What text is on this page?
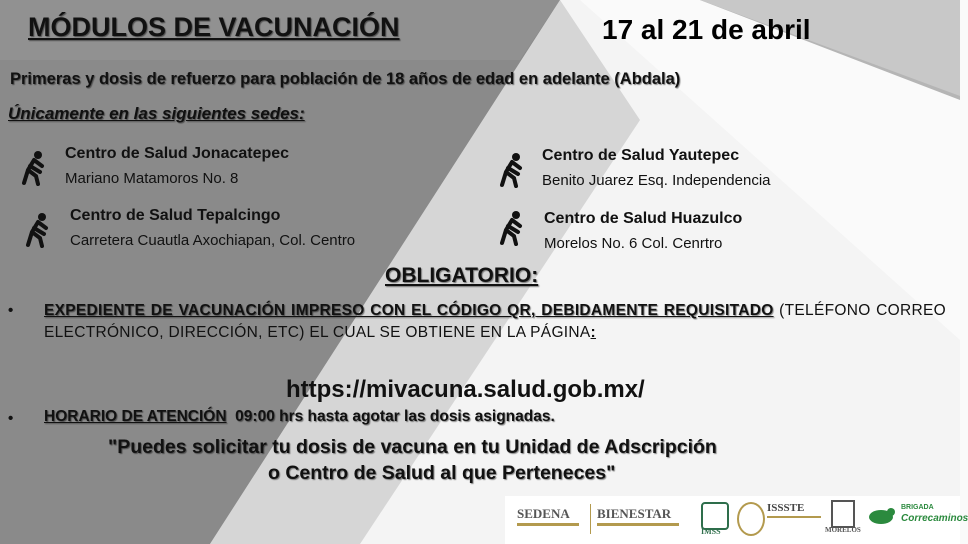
MÓDULOS DE VACUNACIÓN	17 al 21 de abril
Primeras y dosis de refuerzo para población de 18 años de edad en adelante (Abdala)
Únicamente en las siguientes sedes:
Centro de Salud Jonacatepec
Mariano Matamoros No. 8
Centro de Salud Tepalcingo
Carretera Cuautla Axochiapan, Col. Centro
Centro de Salud Yautepec
Benito Juarez Esq. Independencia
Centro de Salud Huazulco
Morelos No. 6 Col. Cenrtro
OBLIGATORIO:
• EXPEDIENTE DE VACUNACIÓN IMPRESO CON EL CÓDIGO QR, DEBIDAMENTE REQUISITADO (TELÉFONO CORREO ELECTRÓNICO, DIRECCIÓN, ETC) EL CUAL SE OBTIENE EN LA PÁGINA:
https://mivacuna.salud.gob.mx/
• HORARIO DE ATENCIÓN  09:00 hrs hasta agotar las dosis asignadas.
"Puedes solicitar tu dosis de vacuna en tu Unidad de Adscripción
o Centro de Salud al que Perteneces"
SEDENA BIENESTAR
IMSS
ISSSTE
MORELOS
BRIGADA
Correcaminos
